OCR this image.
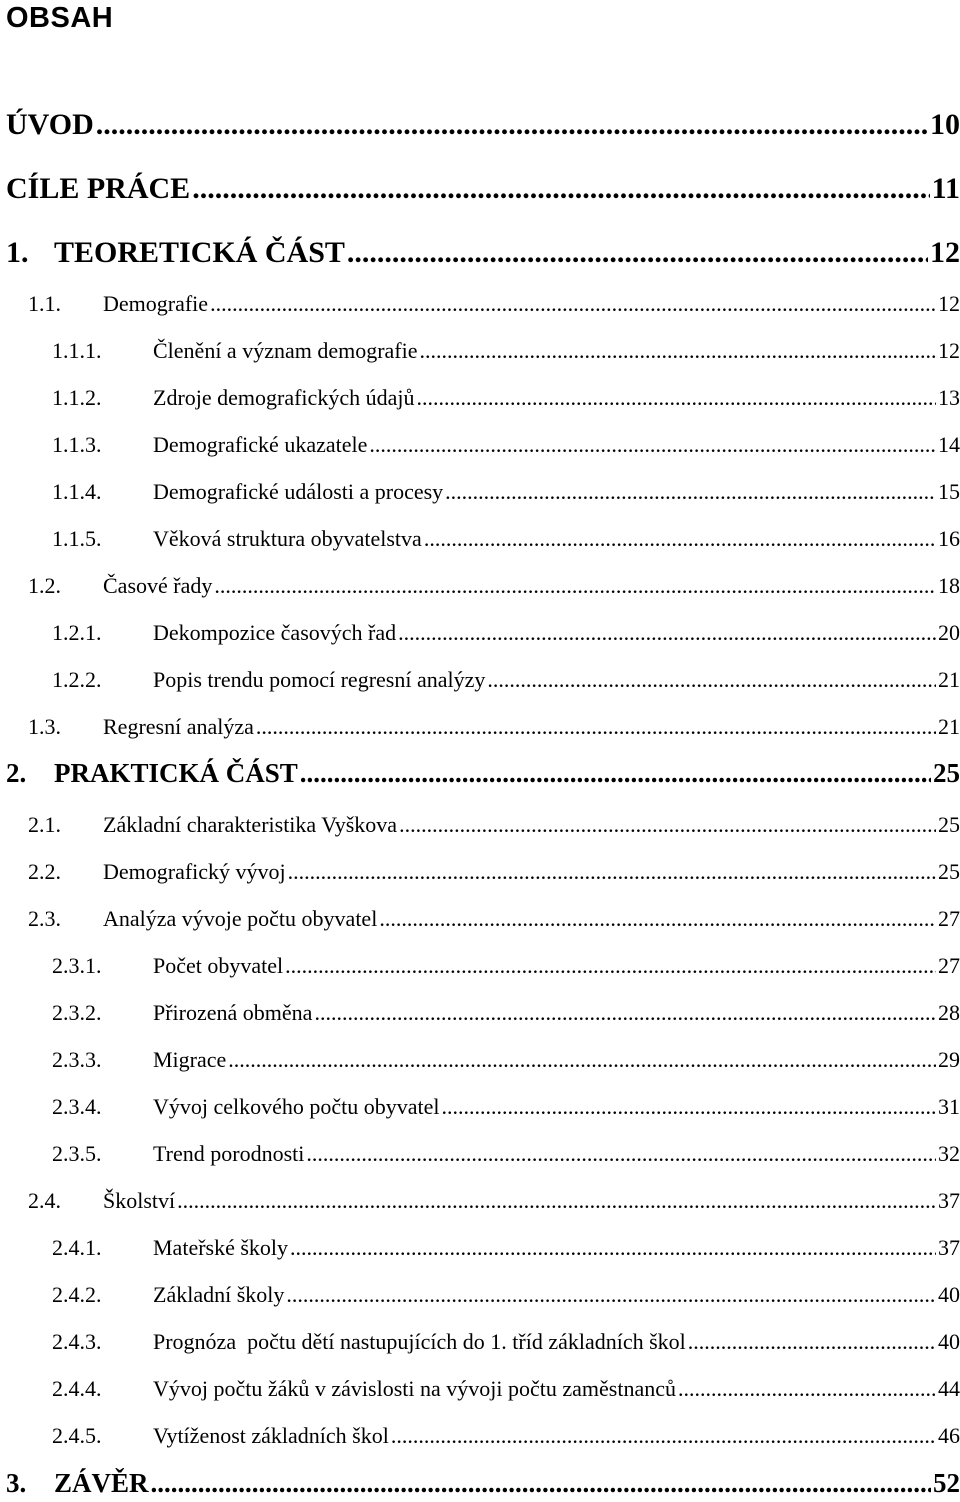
OBSAH
ÚVOD .....	10
CÍLE PRÁCE .....	11
1. TEORETICKÁ ČÁST .....	12
1.1.	Demografie .....	12
1.1.1.	Členění a význam demografie .....	12
1.1.2.	Zdroje demografických údajů .....	13
1.1.3.	Demografické ukazatele .....	14
1.1.4.	Demografické události a procesy .....	15
1.1.5.	Věková struktura obyvatelstva .....	16
1.2.	Časové řady .....	18
1.2.1.	Dekompozice časových řad .....	20
1.2.2.	Popis trendu pomocí regresní analýzy .....	21
1.3.	Regresní analýza .....	21
2.	PRAKTICKÁ ČÁST .....	25
2.1.	Základní charakteristika Vyškova .....	25
2.2.	Demografický vývoj .....	25
2.3.	Analýza vývoje počtu obyvatel .....	27
2.3.1.	Počet obyvatel .....	27
2.3.2.	Přirozená obměna .....	28
2.3.3.	Migrace .....	29
2.3.4.	Vývoj celkového počtu obyvatel .....	31
2.3.5.	Trend porodnosti .....	32
2.4.	Školství .....	37
2.4.1.	Mateřské školy .....	37
2.4.2.	Základní školy .....	40
2.4.3.	Prognóza  počtu dětí nastupujících do 1. tříd základních škol .....	40
2.4.4.	Vývoj počtu žáků v závislosti na vývoji počtu zaměstnanců .....	44
2.4.5.	Vytíženost základních škol .....	46
3.	ZÁVĚR .....	52
